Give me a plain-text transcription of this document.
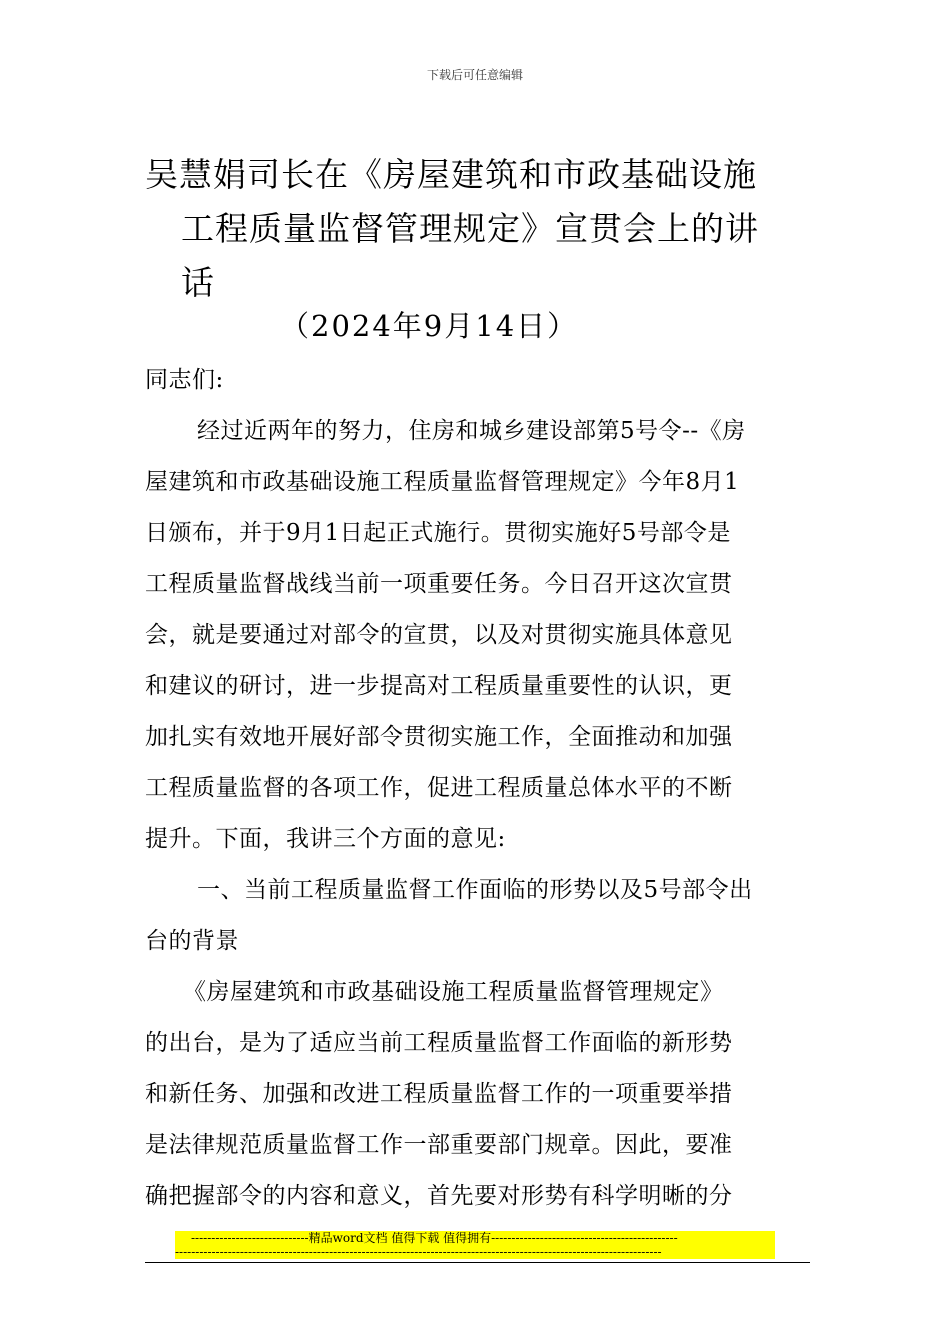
下载后可任意编辑
吴慧娟司长在《房屋建筑和市政基础设施
工程质量监督管理规定》宣贯会上的讲
话
（2024年9月14日）
同志们:
经过近两年的努力，住房和城乡建设部第5号令--《房
屋建筑和市政基础设施工程质量监督管理规定》今年8月1
日颁布，并于9月1日起正式施行。贯彻实施好5号部令是
工程质量监督战线当前一项重要任务。今日召开这次宣贯
会，就是要通过对部令的宣贯，以及对贯彻实施具体意见
和建议的研讨，进一步提高对工程质量重要性的认识，更
加扎实有效地开展好部令贯彻实施工作，全面推动和加强
工程质量监督的各项工作，促进工程质量总体水平的不断
提升。下面，我讲三个方面的意见:
一、当前工程质量监督工作面临的形势以及5号部令出
台的背景
《房屋建筑和市政基础设施工程质量监督管理规定》
的出台，是为了适应当前工程质量监督工作面临的新形势
和新任务、加强和改进工程质量监督工作的一项重要举措
是法律规范质量监督工作一部重要部门规章。因此，要准
确把握部令的内容和意义，首先要对形势有科学明晰的分
-----------------------------精品word文档 值得下载 值得拥有----------------------------------------------
------------------------------------------------------------------------------------------------------------------------
